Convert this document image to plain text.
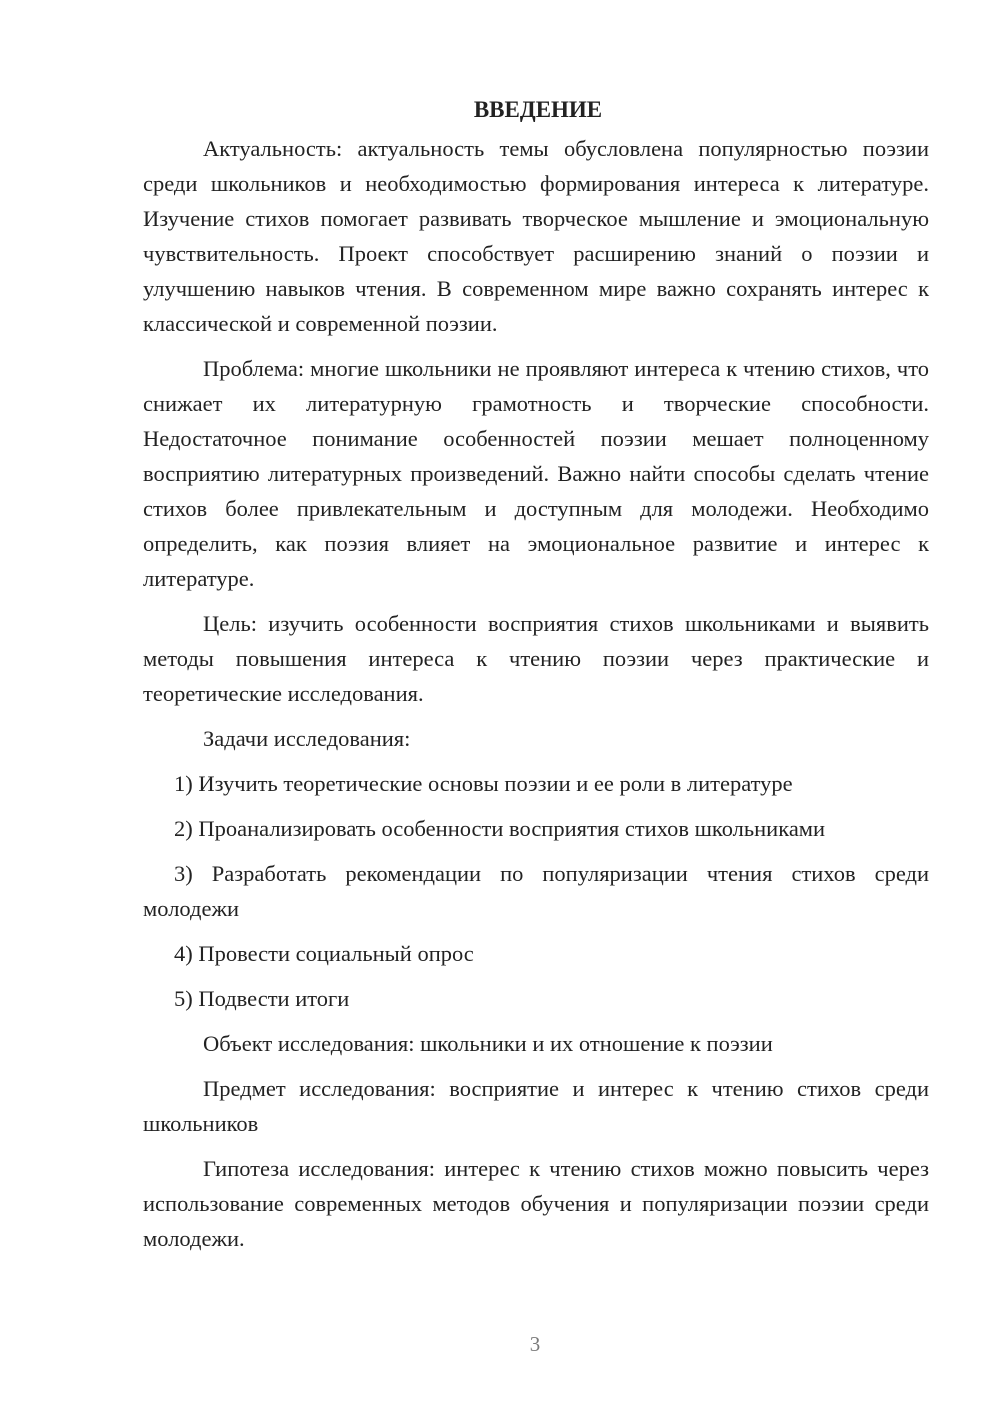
ВВЕДЕНИЕ

Актуальность: актуальность темы обусловлена популярностью поэзии среди школьников и необходимостью формирования интереса к литературе. Изучение стихов помогает развивать творческое мышление и эмоциональную чувствительность. Проект способствует расширению знаний о поэзии и улучшению навыков чтения. В современном мире важно сохранять интерес к классической и современной поэзии.

Проблема: многие школьники не проявляют интереса к чтению стихов, что снижает их литературную грамотность и творческие способности. Недостаточное понимание особенностей поэзии мешает полноценному восприятию литературных произведений. Важно найти способы сделать чтение стихов более привлекательным и доступным для молодежи. Необходимо определить, как поэзия влияет на эмоциональное развитие и интерес к литературе.

Цель: изучить особенности восприятия стихов школьниками и выявить методы повышения интереса к чтению поэзии через практические и теоретические исследования.

Задачи исследования:

1) Изучить теоретические основы поэзии и ее роли в литературе

2) Проанализировать особенности восприятия стихов школьниками

3) Разработать рекомендации по популяризации чтения стихов среди молодежи

4) Провести социальный опрос

5) Подвести итоги

Объект исследования: школьники и их отношение к поэзии

Предмет исследования: восприятие и интерес к чтению стихов среди школьников

Гипотеза исследования: интерес к чтению стихов можно повысить через использование современных методов обучения и популяризации поэзии среди молодежи.

3
